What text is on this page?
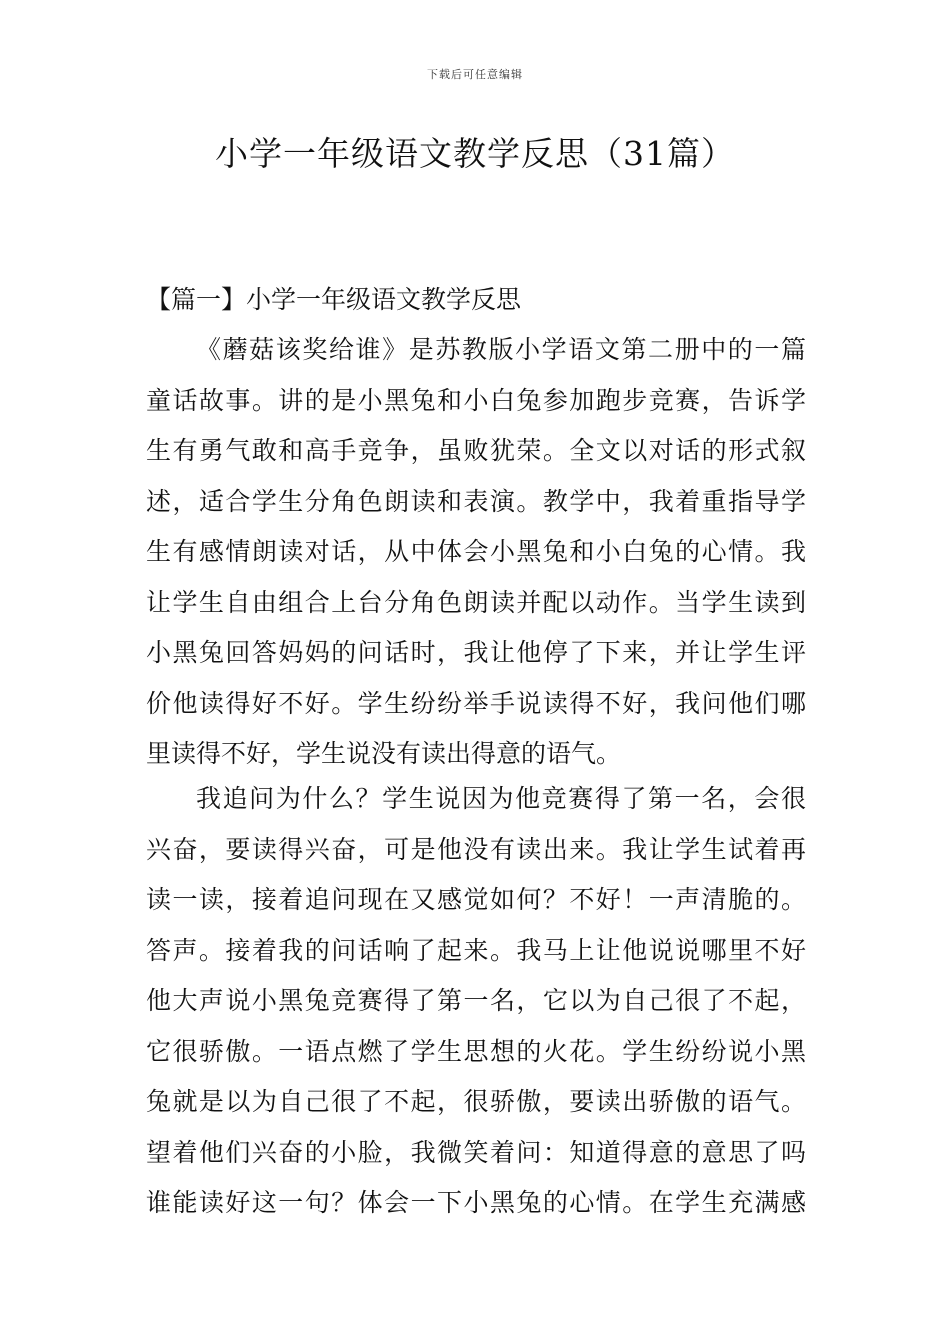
下载后可任意编辑
小学一年级语文教学反思（31篇）
【篇一】小学一年级语文教学反思
《蘑菇该奖给谁》是苏教版小学语文第二册中的一篇
童话故事。讲的是小黑兔和小白兔参加跑步竞赛，告诉学
生有勇气敢和高手竞争，虽败犹荣。全文以对话的形式叙
述，适合学生分角色朗读和表演。教学中，我着重指导学
生有感情朗读对话，从中体会小黑兔和小白兔的心情。我
让学生自由组合上台分角色朗读并配以动作。当学生读到
小黑兔回答妈妈的问话时，我让他停了下来，并让学生评
价他读得好不好。学生纷纷举手说读得不好，我问他们哪
里读得不好，学生说没有读出得意的语气。
我追问为什么？学生说因为他竞赛得了第一名，会很
兴奋，要读得兴奋，可是他没有读出来。我让学生试着再
读一读，接着追问现在又感觉如何？不好！一声清脆的。
答声。接着我的问话响了起来。我马上让他说说哪里不好
他大声说小黑兔竞赛得了第一名，它以为自己很了不起，
它很骄傲。一语点燃了学生思想的火花。学生纷纷说小黑
兔就是以为自己很了不起，很骄傲，要读出骄傲的语气。
望着他们兴奋的小脸，我微笑着问：知道得意的意思了吗
谁能读好这一句？体会一下小黑兔的心情。在学生充满感
